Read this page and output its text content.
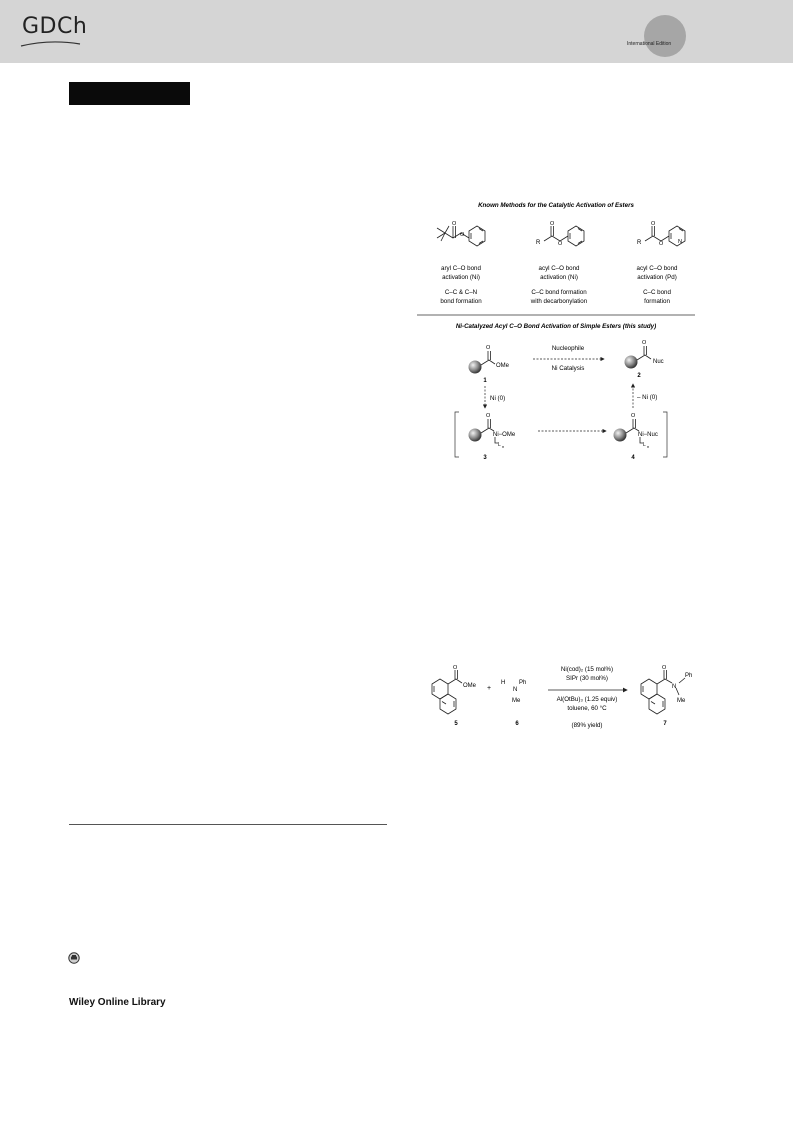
GDCh
International Edition
Known Methods for the Catalytic Activation of Esters
O
O
R
O
O	R
O
O	N
aryl C–O bond
activation (Ni)
C–C & C–N
bond formation
acyl C–O bond
activation (Ni)
C–C bond formation
with decarbonylation
acyl C–O bond
activation (Pd)
C–C bond
formation
Ni-Catalyzed Acyl C–O Bond Activation of Simple Esters (this study)
O
OMe
1
Nucleophile
Ni Catalysis
O
Nuc
2
Ni (0)	– Ni (0)
O
Ni−OMe
L n
3
O
Ni−Nuc
L n
4
O
OMe
5
+
H
N
Ph
Me
6
Ni(cod)₂ (15 mol%)
SIPr (30 mol%)
Al(OtBu)₃ (1.25 equiv)
toluene, 60 °C
(89% yield)
O
N
Ph
Me
7
Wiley Online Library
